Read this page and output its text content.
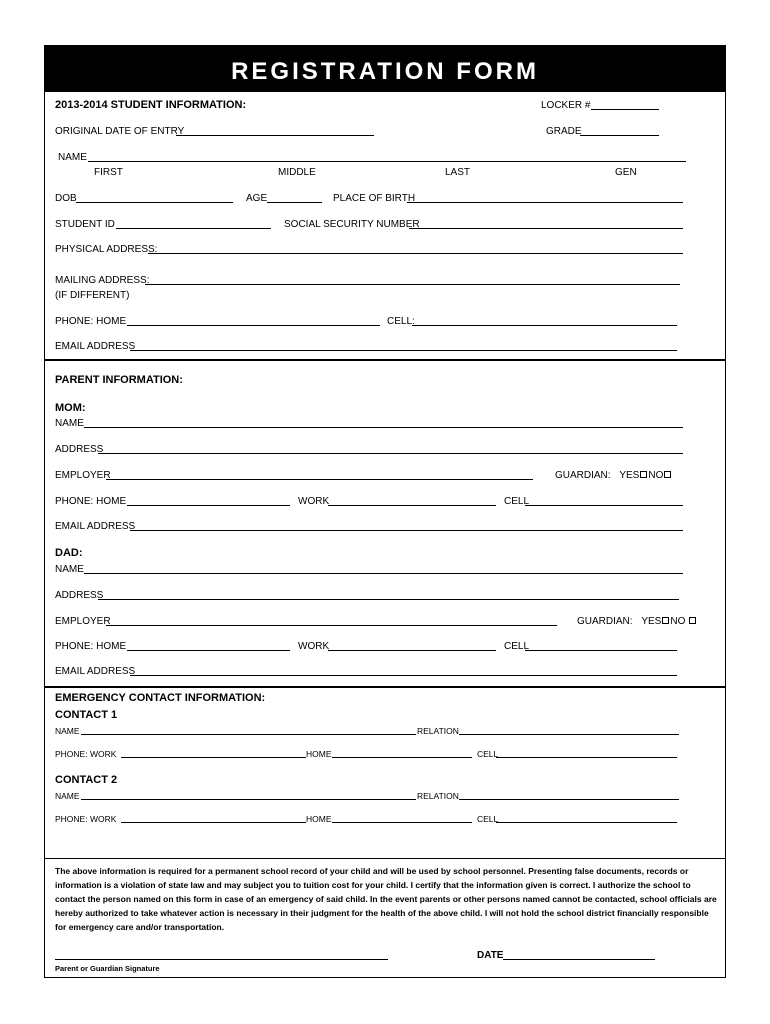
REGISTRATION FORM
2013-2014 STUDENT INFORMATION:	LOCKER #
ORIGINAL DATE OF ENTRY	GRADE
NAME
FIRST	MIDDLE	LAST	GEN
DOB	AGE	PLACE OF BIRTH
STUDENT ID	SOCIAL SECURITY NUMBER
PHYSICAL ADDRESS:
MAILING ADDRESS:
(IF DIFFERENT)
PHONE: HOME	CELL:
EMAIL ADDRESS
PARENT INFORMATION:
MOM:
NAME
ADDRESS
EMPLOYER	GUARDIAN: YES NO
PHONE: HOME	WORK	CELL
EMAIL ADDRESS
DAD:
NAME
ADDRESS
EMPLOYER	GUARDIAN: YES NO
PHONE: HOME	WORK	CELL
EMAIL ADDRESS
EMERGENCY CONTACT INFORMATION:
CONTACT 1
NAME	RELATION
PHONE: WORK	HOME	CELL
CONTACT 2
NAME	RELATION
PHONE: WORK	HOME	CELL
The above information is required for a permanent school record of your child and will be used by school personnel. Presenting false documents, records or information is a violation of state law and may subject you to tuition cost for your child. I certify that the information given is correct. I authorize the school to contact the person named on this form in case of an emergency of said child. In the event parents or other persons named cannot be contacted, school officials are hereby authorized to take whatever action is necessary in their judgment for the health of the above child. I will not hold the school district financially responsible for emergency care and/or transportation.
DATE
Parent or Guardian Signature
